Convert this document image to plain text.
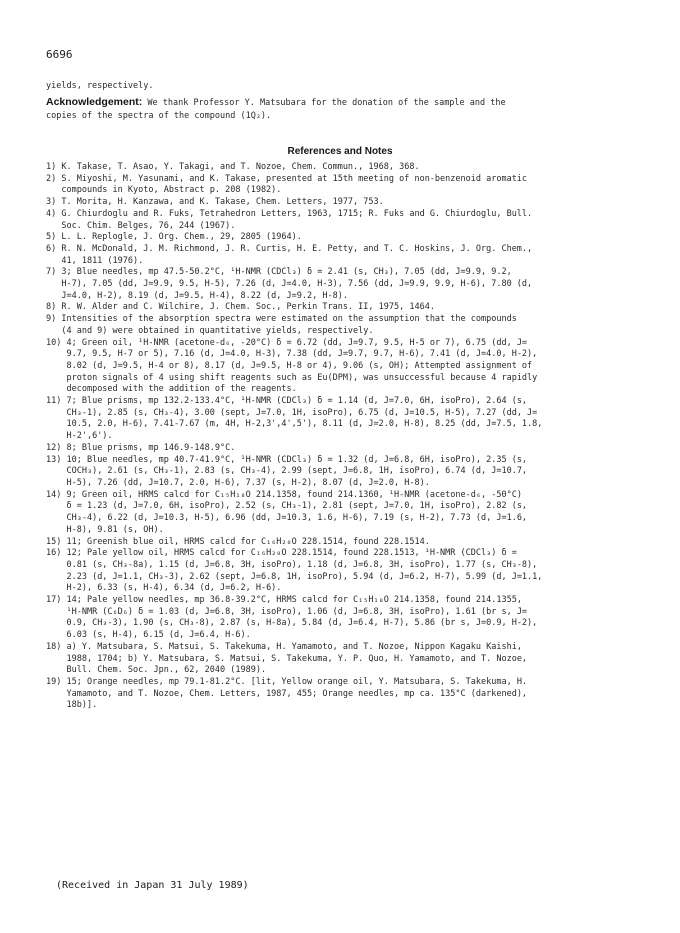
6696
yields, respectively.
Acknowledgement: We thank Professor Y. Matsubara for the donation of the sample and the
copies of the spectra of the compound (1Q₂).
References and Notes
1) K. Takase, T. Asao, Y. Takagi, and T. Nozoe, Chem. Commun., 1968, 368.
2) S. Miyoshi, M. Yasunami, and K. Takase, presented at 15th meeting of non-benzenoid aromatic
compounds in Kyoto, Abstract p. 208 (1982).
3) T. Morita, H. Kanzawa, and K. Takase, Chem. Letters, 1977, 753.
4) G. Chiurdoglu and R. Fuks, Tetrahedron Letters, 1963, 1715; R. Fuks and G. Chiurdoglu, Bull.
Soc. Chim. Belges, 76, 244 (1967).
5) L. L. Replogle, J. Org. Chem., 29, 2805 (1964).
6) R. N. McDonald, J. M. Richmond, J. R. Curtis, H. E. Petty, and T. C. Hoskins, J. Org. Chem.,
41, 1811 (1976).
7) 3; Blue needles, mp 47.5-50.2°C, ¹H-NMR (CDCl₃) δ = 2.41 (s, CH₃), 7.05 (dd, J=9.9, 9.2,
H-7), 7.05 (dd, J=9.9, 9.5, H-5), 7.26 (d, J=4.0, H-3), 7.56 (dd, J=9.9, 9.9, H-6), 7.80 (d,
J=4.0, H-2), 8.19 (d, J=9.5, H-4), 8.22 (d, J=9.2, H-8).
8) R. W. Alder and C. Wilchire, J. Chem. Soc., Perkin Trans. II, 1975, 1464.
9) Intensities of the absorption spectra were estimated on the assumption that the compounds
(4 and 9) were obtained in quantitative yields, respectively.
10) 4; Green oil, ¹H-NMR (acetone-d₆, -20°C) δ = 6.72 (dd, J=9.7, 9.5, H-5 or 7), 6.75 (dd, J=
9.7, 9.5, H-7 or 5), 7.16 (d, J=4.0, H-3), 7.38 (dd, J=9.7, 9.7, H-6), 7.41 (d, J=4.0, H-2),
8.02 (d, J=9.5, H-4 or 8), 8.17 (d, J=9.5, H-8 or 4), 9.06 (s, OH); Attempted assignment of
proton signals of 4 using shift reagents such as Eu(DPM), was unsuccessful because 4 rapidly
decomposed with the addition of the reagents.
11) 7; Blue prisms, mp 132.2-133.4°C, ¹H-NMR (CDCl₃) δ = 1.14 (d, J=7.0, 6H, isoPro), 2.64 (s,
CH₃-1), 2.85 (s, CH₃-4), 3.00 (sept, J=7.0, 1H, isoPro), 6.75 (d, J=10.5, H-5), 7.27 (dd, J=
10.5, 2.0, H-6), 7.41-7.67 (m, 4H, H-2,3',4',5'), 8.11 (d, J=2.0, H-8), 8.25 (dd, J=7.5, 1.8,
H-2',6').
12) 8; Blue prisms, mp 146.9-148.9°C.
13) 10; Blue needles, mp 40.7-41.9°C, ¹H-NMR (CDCl₃) δ = 1.32 (d, J=6.8, 6H, isoPro), 2.35 (s,
COCH₃), 2.61 (s, CH₃-1), 2.83 (s, CH₃-4), 2.99 (sept, J=6.8, 1H, isoPro), 6.74 (d, J=10.7,
H-5), 7.26 (dd, J=10.7, 2.0, H-6), 7.37 (s, H-2), 8.07 (d, J=2.0, H-8).
14) 9; Green oil, HRMS calcd for C₁₅H₁₈O 214.1358, found 214.1360, ¹H-NMR (acetone-d₆, -50°C)
δ = 1.23 (d, J=7.0, 6H, isoPro), 2.52 (s, CH₃-1), 2.81 (sept, J=7.0, 1H, isoPro), 2.82 (s,
CH₃-4), 6.22 (d, J=10.3, H-5), 6.96 (dd, J=10.3, 1.6, H-6), 7.19 (s, H-2), 7.73 (d, J=1.6,
H-8), 9.81 (s, OH).
15) 11; Greenish blue oil, HRMS calcd for C₁₆H₂₀O 228.1514, found 228.1514.
16) 12; Pale yellow oil, HRMS calcd for C₁₆H₂₀O 228.1514, found 228.1513, ¹H-NMR (CDCl₃) δ =
0.81 (s, CH₃-8a), 1.15 (d, J=6.8, 3H, isoPro), 1.18 (d, J=6.8, 3H, isoPro), 1.77 (s, CH₃-8),
2.23 (d, J=1.1, CH₃-3), 2.62 (sept, J=6.8, 1H, isoPro), 5.94 (d, J=6.2, H-7), 5.99 (d, J=1.1,
H-2), 6.33 (s, H-4), 6.34 (d, J=6.2, H-6).
17) 14; Pale yellow needles, mp 36.8-39.2°C, HRMS calcd for C₁₅H₁₈O 214.1358, found 214.1355,
¹H-NMR (C₆D₆) δ = 1.03 (d, J=6.8, 3H, isoPro), 1.06 (d, J=6.8, 3H, isoPro), 1.61 (br s, J=
0.9, CH₃-3), 1.90 (s, CH₃-8), 2.87 (s, H-8a), 5.84 (d, J=6.4, H-7), 5.86 (br s, J=0.9, H-2),
6.03 (s, H-4), 6.15 (d, J=6.4, H-6).
18) a) Y. Matsubara, S. Matsui, S. Takekuma, H. Yamamoto, and T. Nozoe, Nippon Kagaku Kaishi,
1988, 1704; b) Y. Matsubara, S. Matsui, S. Takekuma, Y. P. Quo, H. Yamamoto, and T. Nozoe,
Bull. Chem. Soc. Jpn., 62, 2040 (1989).
19) 15; Orange needles, mp 79.1-81.2°C. [lit, Yellow orange oil, Y. Matsubara, S. Takekuma, H.
Yamamoto, and T. Nozoe, Chem. Letters, 1987, 455; Orange needles, mp ca. 135°C (darkened),
18b)].
(Received in Japan 31 July 1989)
